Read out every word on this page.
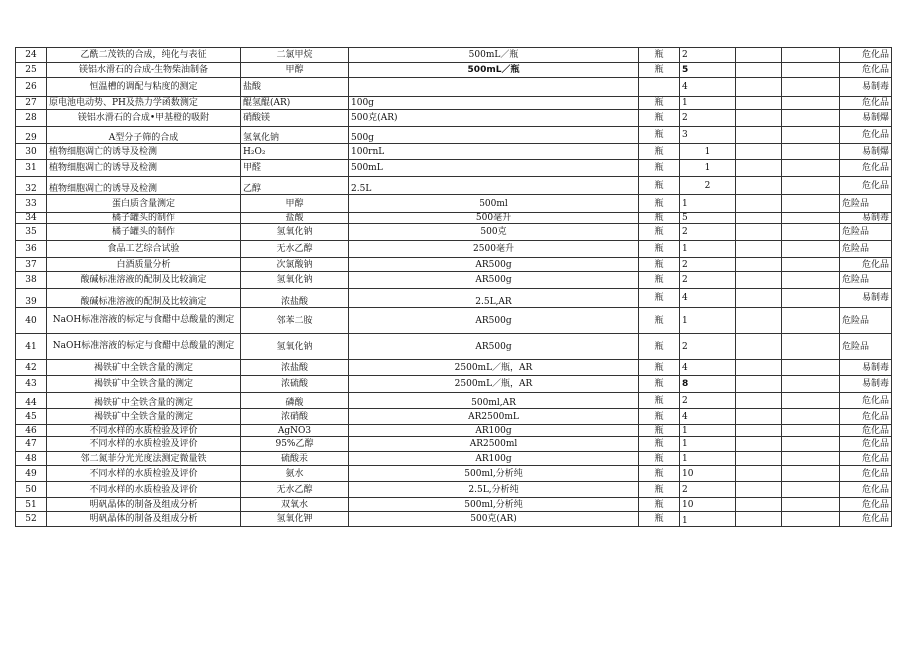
24	乙酰二茂铁的合成，纯化与表征	二氯甲烷	500mL／瓶	瓶	2			危化品
25	镁铝水滑石的合成-生物柴油制备	甲醇	500mL／瓶	瓶	5			危化品
26	恒温槽的调配与粘度的测定	盐酸			4			易制毒
27	原电池电动势、PH及热力学函数测定	醌氢醌(AR)	100g	瓶	1			危化品
28	镁铝水滑石的合成•甲基橙的吸附	硝酸镁	500克(AR)	瓶	2			易制爆
29	A型分子筛的合成	氢氧化钠	500g	瓶	3			危化品
30	植物细胞凋亡的诱导及检测	H₂O₂	100rnL	瓶	1			易制爆
31	植物细胞凋亡的诱导及检测	甲醛	500mL	瓶	1			危化品
32	植物细胞凋亡的诱导及检测	乙醇	2.5L	瓶	2			危化品
33	蛋白质含量测定	甲醇	500ml	瓶	1			危险品
34	橘子罐头的制作	盐酸	500毫升	瓶	5			易制毒
35	橘子罐头的制作	氢氧化钠	500克	瓶	2			危险品
36	食品工艺综合试验	无水乙醇	2500毫升	瓶	1			危险品
37	白酒质量分析	次氯酸钠	AR500g	瓶	2			危化品
38	酸碱标准溶液的配制及比较滴定	氢氧化钠	AR500g	瓶	2			危险品
39	酸碱标准溶液的配制及比较滴定	浓盐酸	2.5L,AR	瓶	4			易制毒
40	NaOH标准溶液的标定与食醋中总酸量的测定	邻苯二胺	AR500g	瓶	1			危险品
41	NaOH标准溶液的标定与食醋中总酸量的测定	氢氧化钠	AR500g	瓶	2			危险品
42	褐铁矿中全铁含量的测定	浓盐酸	2500mL／瓶，AR	瓶	4			易制毒
43	褐铁矿中全铁含量的测定	浓硫酸	2500mL／瓶，AR	瓶	8			易制毒
44	褐铁矿中全铁含量的测定	磷酸	500ml,AR	瓶	2			危化品
45	褐铁矿中全铁含量的测定	浓硝酸	AR2500mL	瓶	4			危化品
46	不同水样的水质检验及评价	AgNO3	AR100g	瓶	1			危化品
47	不同水样的水质检验及评价	95%乙醇	AR2500ml	瓶	1			危化品
48	邻二氮菲分光光度法测定微量铁	硫酸汞	AR100g	瓶	1			危化品
49	不同水样的水质检验及评价	氨水	500ml,分析纯	瓶	10			危化品
50	不同水样的水质检验及评价	无水乙醇	2.5L,分析纯	瓶	2			危化品
51	明矾晶体的制备及组成分析	双氧水	500ml,分析纯	瓶	10			危化品
52	明矾晶体的制备及组成分析	氢氧化钾	500克(AR)	瓶	1			危化品
